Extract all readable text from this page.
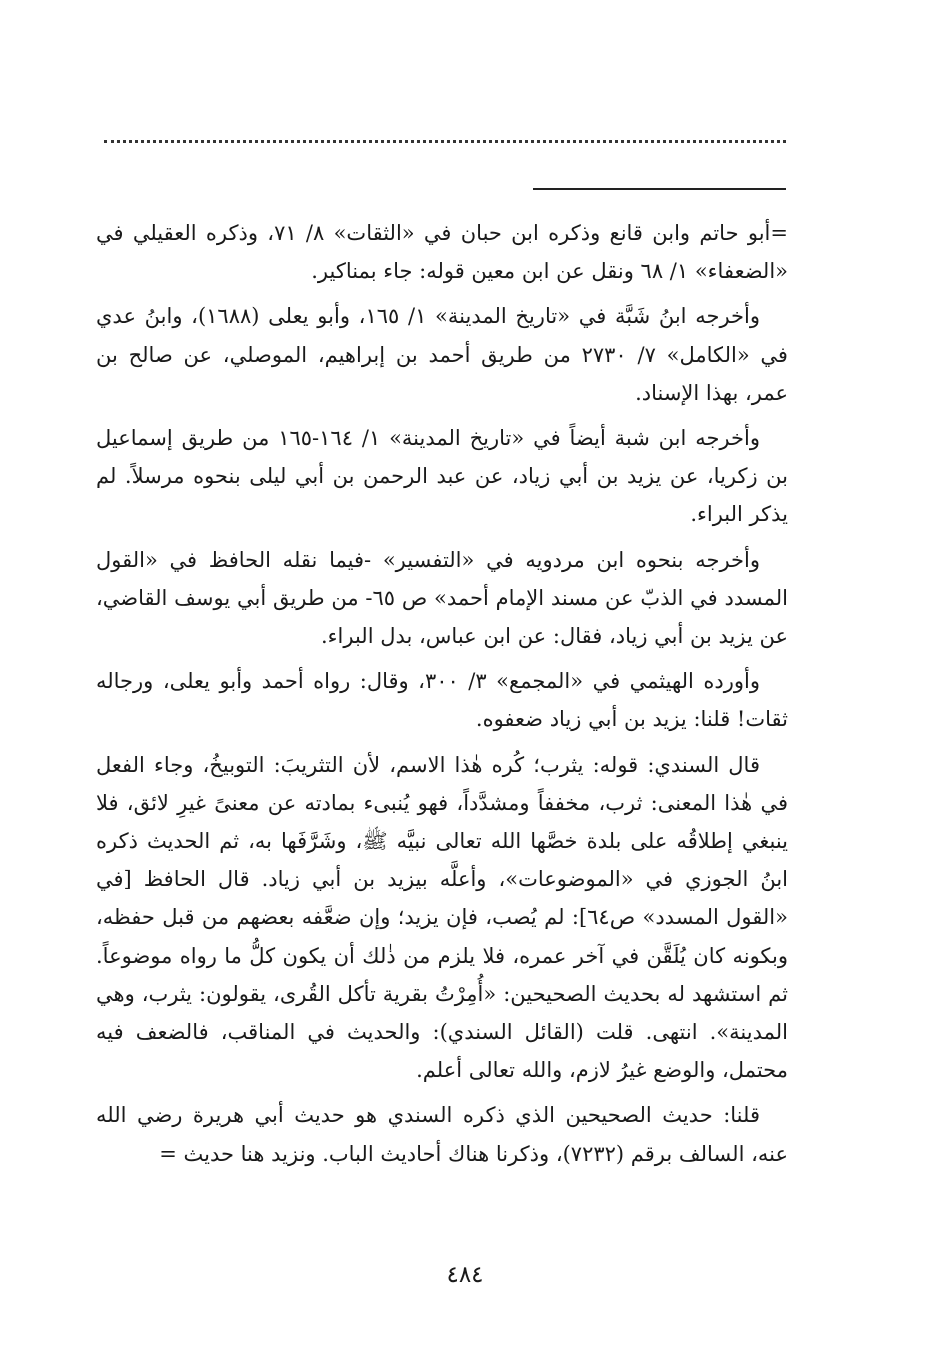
=أبو حاتم وابن قانع وذكره ابن حبان في «الثقات» ٨/ ٧١، وذكره العقيلي في «الضعفاء» ١/ ٦٨ ونقل عن ابن معين قوله: جاء بمناكير.

وأخرجه ابنُ شَبَّة في «تاريخ المدينة» ١/ ١٦٥، وأبو يعلى (١٦٨٨)، وابنُ عدي في «الكامل» ٧/ ٢٧٣٠ من طريق أحمد بن إبراهيم، الموصلي، عن صالح بن عمر، بهذا الإسناد.

وأخرجه ابن شبة أيضاً في «تاريخ المدينة» ١/ ١٦٤-١٦٥ من طريق إسماعيل بن زكريا، عن يزيد بن أبي زياد، عن عبد الرحمن بن أبي ليلى بنحوه مرسلاً. لم يذكر البراء.

وأخرجه بنحوه ابن مردويه في «التفسير» -فيما نقله الحافظ في «القول المسدد في الذبّ عن مسند الإمام أحمد» ص ٦٥- من طريق أبي يوسف القاضي، عن يزيد بن أبي زياد، فقال: عن ابن عباس، بدل البراء.

وأورده الهيثمي في «المجمع» ٣/ ٣٠٠، وقال: رواه أحمد وأبو يعلى، ورجاله ثقات! قلنا: يزيد بن أبي زياد ضعفوه.

قال السندي: قوله: يثرب؛ كُره هٰذا الاسم، لأن التثريبَ: التوبيخُ، وجاء الفعل في هٰذا المعنى: ثرب، مخففاً ومشدَّداً، فهو يُنبىء بمادته عن معنىً غيرِ لائق، فلا ينبغي إطلاقُه على بلدة خصَّها الله تعالى نبيَّه ﷺ، وشَرَّفَها به، ثم الحديث ذكره ابنُ الجوزي في «الموضوعات»، وأعلَّه بيزيد بن أبي زياد. قال الحافظ [في «القول المسدد» ص٦٤]: لم يُصب، فإن يزيد؛ وإن ضعَّفه بعضهم من قبل حفظه، وبكونه كان يُلَقَّن في آخر عمره، فلا يلزم من ذٰلك أن يكون كلُّ ما رواه موضوعاً. ثم استشهد له بحديث الصحيحين: «أُمِرْتُ بقرية تأكل القُرى، يقولون: يثرب، وهي المدينة». انتهى. قلت (القائل السندي): والحديث في المناقب، فالضعف فيه محتمل، والوضع غيرُ لازم، والله تعالى أعلم.

قلنا: حديث الصحيحين الذي ذكره السندي هو حديث أبي هريرة رضي الله عنه، السالف برقم (٧٢٣٢)، وذكرنا هناك أحاديث الباب. ونزيد هنا حديث =

٤٨٤
